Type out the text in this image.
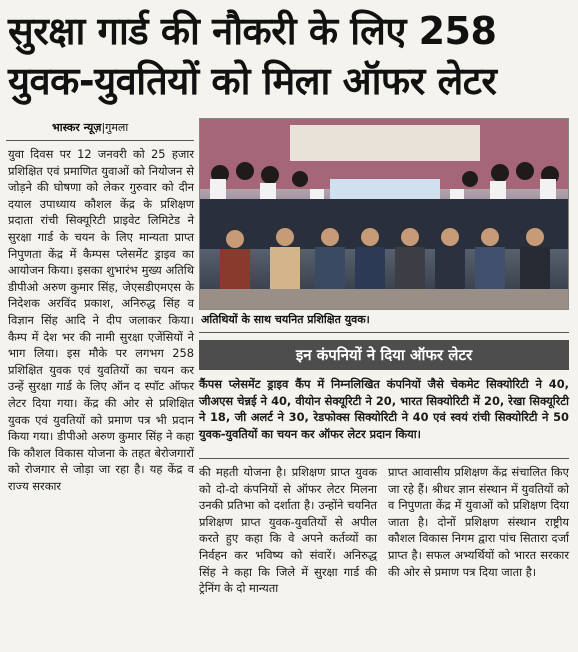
सुरक्षा गार्ड की नौकरी के लिए 258
युवक-युवतियों को मिला ऑफर लेटर
भास्कर न्यूज़|गुमला
अतिथियों के साथ चयनित प्रशिक्षित युवक।
इन कंपनियों ने दिया ऑफर लेटर
कैंपस प्लेसमेंट ड्राइव कैंप में निम्नलिखित कंपनियों जैसे चेकमेट सिक्योरिटी ने 40, जीअएस चेन्नई ने 40, वीयोन सेक्यूरिटी ने 20, भारत सिक्योरिटी में 20, रेखा सिक्यूरिटी ने 18, जी अलर्ट ने 30, रेडफोक्स सिक्योरिटी ने 40 एवं स्वयं रांची सिक्योरिटी ने 50 युवक-युवतियों का चयन कर ऑफर लेटर प्रदान किया।
युवा दिवस पर 12 जनवरी को 25 हजार प्रशिक्षित एवं प्रमाणित युवाओं को नियोजन से जोड़ने की घोषणा को लेकर गुरुवार को दीन दयाल उपाध्याय कौशल केंद्र के प्रशिक्षण प्रदाता रांची सिक्यूरिटी प्राइवेट लिमिटेड ने सुरक्षा गार्ड के चयन के लिए मान्यता प्राप्त निपुणता केंद्र में कैम्पस प्लेसमेंट ड्राइव का आयोजन किया। इसका शुभारंभ मुख्य अतिथि डीपीओ अरुण कुमार सिंह, जेएसडीएमएस के निदेशक अरविंद प्रकाश, अनिरुद्ध सिंह व विज्ञान सिंह आदि ने दीप जलाकर किया। कैम्प में देश भर की नामी सुरक्षा एजेंसियों ने भाग लिया। इस मौके पर लगभग 258 प्रशिक्षित युवक एवं युवतियों का चयन कर उन्हें सुरक्षा गार्ड के लिए ऑन द स्पॉट ऑफर लेटर दिया गया। केंद्र की ओर से प्रशिक्षित युवक एवं युवतियों को प्रमाण पत्र भी प्रदान किया गया। डीपीओ अरुण कुमार सिंह ने कहा कि कौशल विकास योजना के तहत बेरोजगारों को रोजगार से जोड़ा जा रहा है। यह केंद्र व राज्य सरकार
की महती योजना है। प्रशिक्षण प्राप्त युवक को दो-दो कंपनियों से ऑफर लेटर मिलना उनकी प्रतिभा को दर्शाता है। उन्होंने चयनित प्रशिक्षण प्राप्त युवक-युवतियों से अपील करते हुए कहा कि वे अपने कर्तव्यों का निर्वहन कर भविष्य को संवारें। अनिरुद्ध सिंह ने कहा कि जिले में सुरक्षा गार्ड की ट्रेनिंग के दो मान्यता
प्राप्त आवासीय प्रशिक्षण केंद्र संचालित किए जा रहे हैं। श्रीधर ज्ञान संस्थान में युवतियों को व निपुणता केंद्र में युवाओं को प्रशिक्षण दिया जाता है। दोनों प्रशिक्षण संस्थान राष्ट्रीय कौशल विकास निगम द्वारा पांच सितारा दर्जा प्राप्त है। सफल अभ्यर्थियों को भारत सरकार की ओर से प्रमाण पत्र दिया जाता है।
